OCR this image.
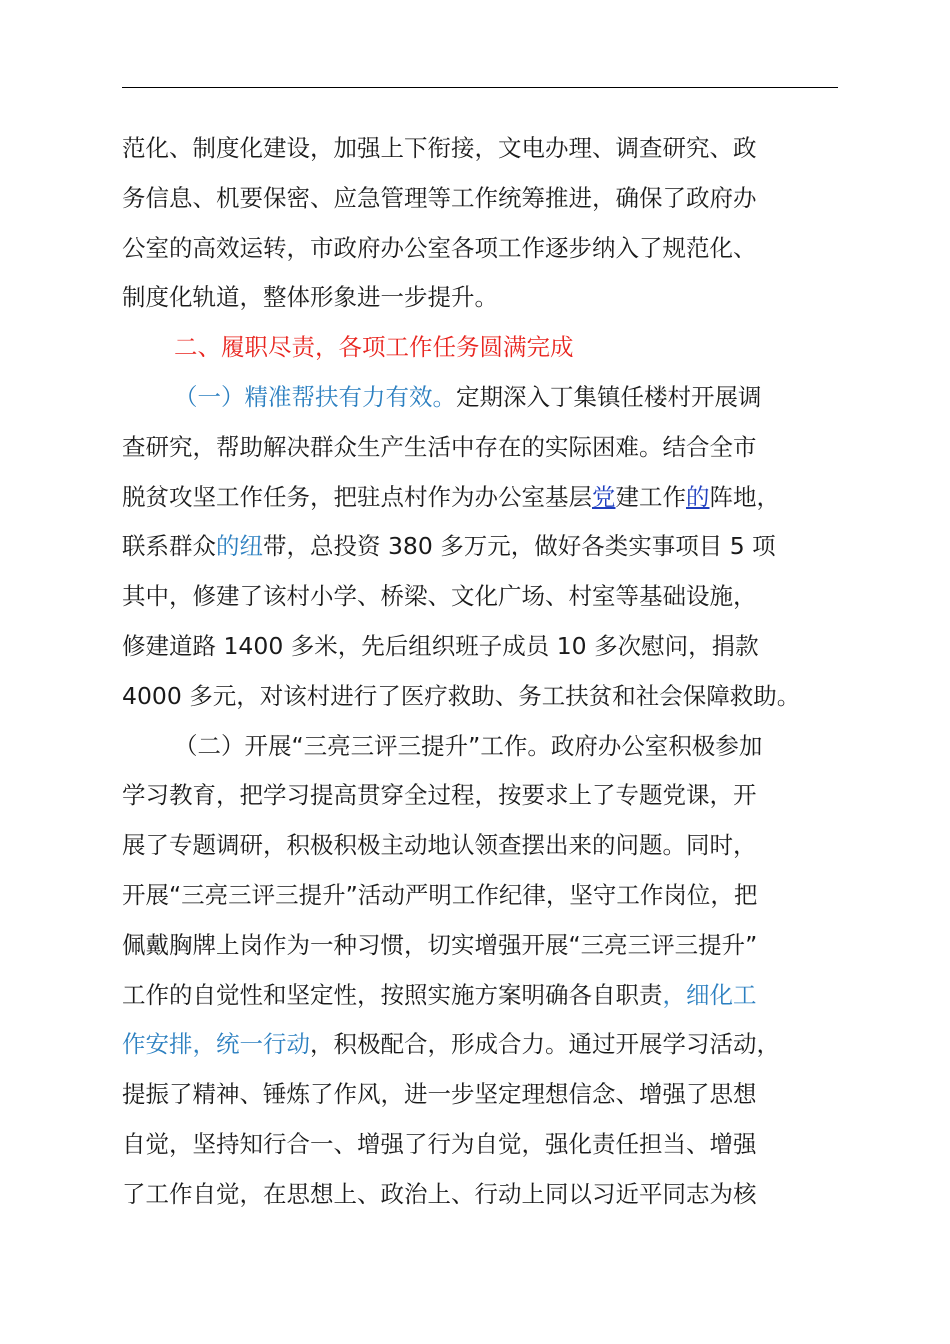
范化、制度化建设，加强上下衔接，文电办理、调查研究、政
务信息、机要保密、应急管理等工作统筹推进，确保了政府办
公室的高效运转，市政府办公室各项工作逐步纳入了规范化、
制度化轨道，整体形象进一步提升。
二、履职尽责，各项工作任务圆满完成
（一）精准帮扶有力有效。定期深入丁集镇任楼村开展调
查研究，帮助解决群众生产生活中存在的实际困难。结合全市
脱贫攻坚工作任务，把驻点村作为办公室基层党建工作的阵地，
联系群众的纽带，总投资 380 多万元，做好各类实事项目 5 项
其中，修建了该村小学、桥梁、文化广场、村室等基础设施，
修建道路 1400 多米，先后组织班子成员 10 多次慰问，捐款
4000 多元，对该村进行了医疗救助、务工扶贫和社会保障救助。
（二）开展“三亮三评三提升”工作。政府办公室积极参加
学习教育，把学习提高贯穿全过程，按要求上了专题党课，开
展了专题调研，积极积极主动地认领查摆出来的问题。同时，
开展“三亮三评三提升”活动严明工作纪律，坚守工作岗位，把
佩戴胸牌上岗作为一种习惯，切实增强开展“三亮三评三提升”
工作的自觉性和坚定性，按照实施方案明确各自职责，细化工
作安排，统一行动，积极配合，形成合力。通过开展学习活动，
提振了精神、锤炼了作风，进一步坚定理想信念、增强了思想
自觉，坚持知行合一、增强了行为自觉，强化责任担当、增强
了工作自觉，在思想上、政治上、行动上同以习近平同志为核
